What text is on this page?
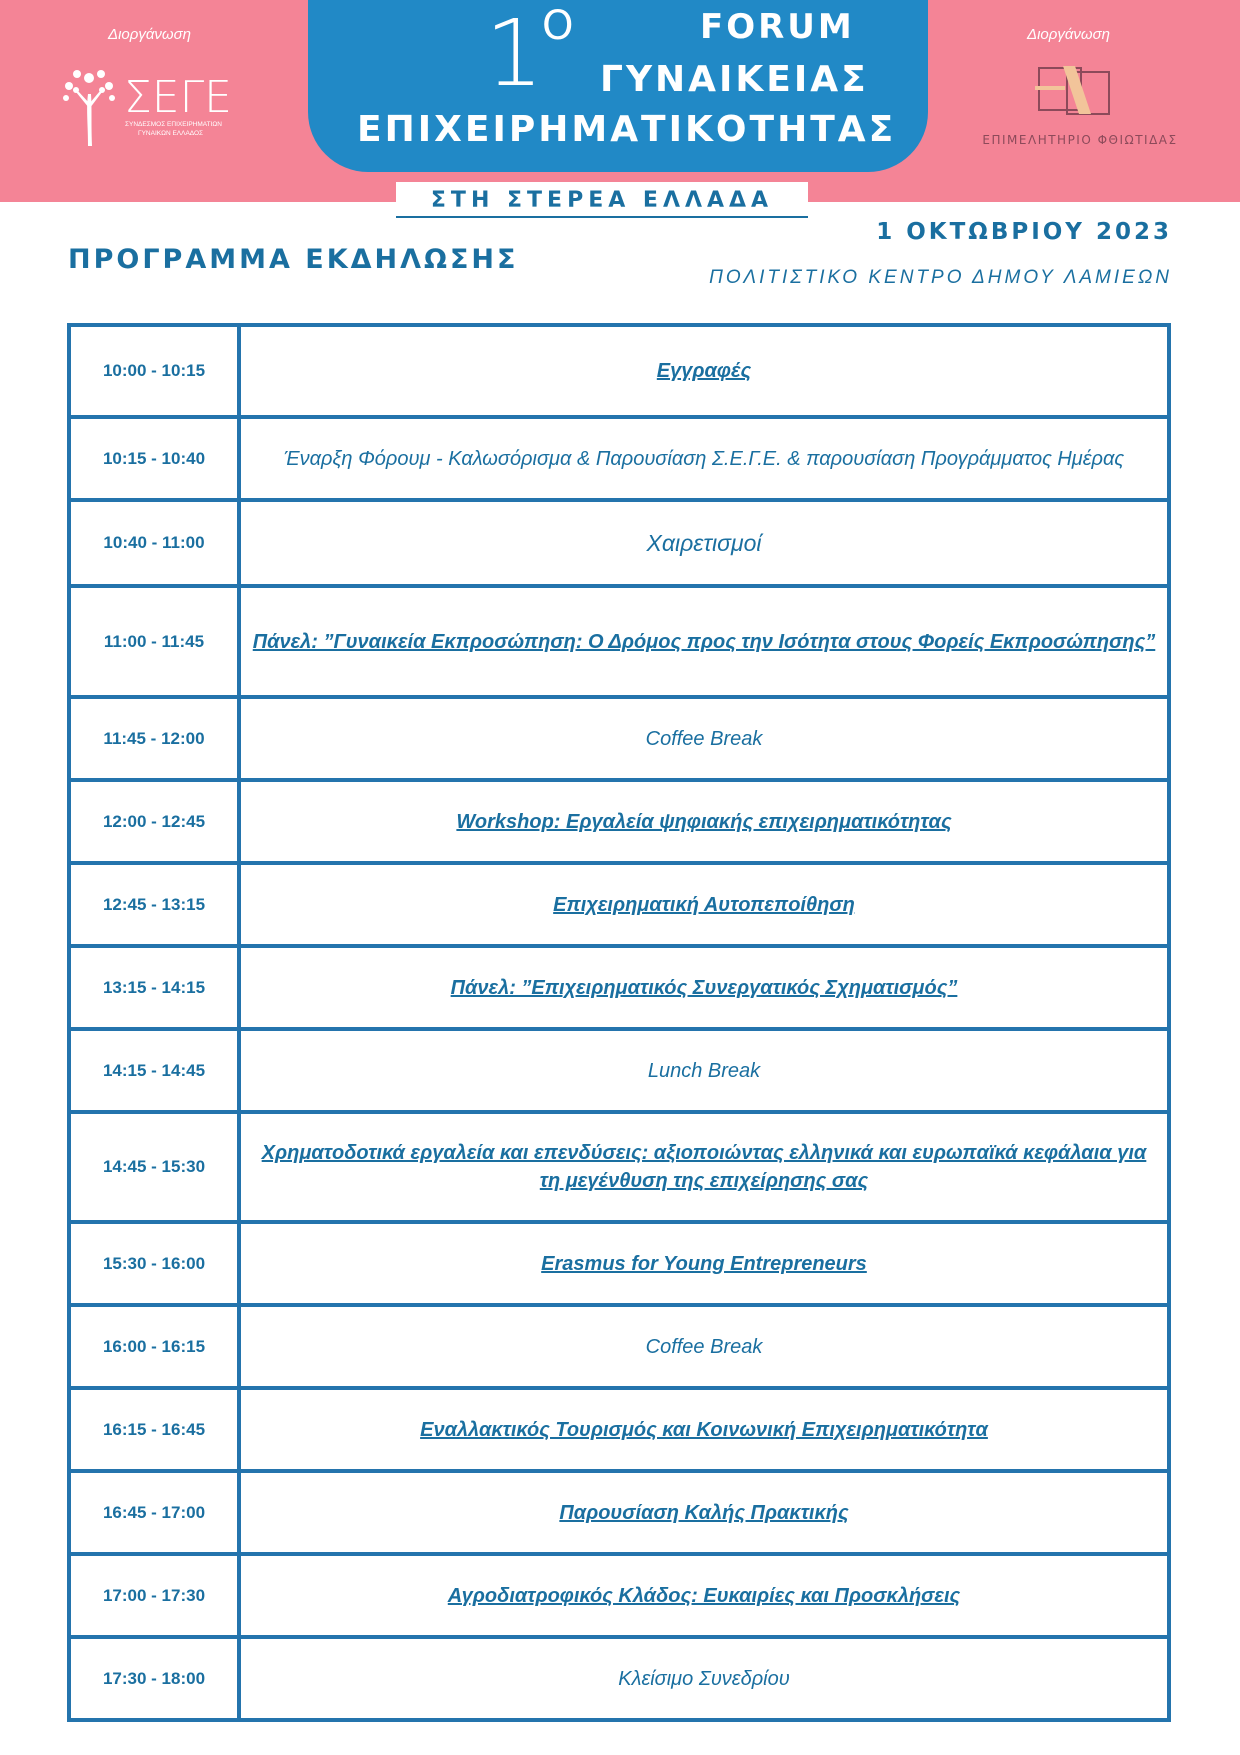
Διοργάνωση	Διοργάνωση
ΣΕΓΕ
ΣΥΝΔΕΣΜΟΣ ΕΠΙΧΕΙΡΗΜΑΤΙΩΝ
ΓΥΝΑΙΚΩΝ ΕΛΛΑΔΟΣ	ΕΠΙΜΕΛΗΤΗΡΙΟ ΦΘΙΩΤΙΔΑΣ
1
Ο	FORUM
ΓΥΝΑΙΚΕΙΑΣ
ΕΠΙΧΕΙΡΗΜΑΤΙΚΟΤΗΤΑΣ
ΣΤΗ ΣΤΕΡΕΑ ΕΛΛΑΔΑ
ΠΡΟΓΡΑΜΜΑ ΕΚΔΗΛΩΣΗΣ
1 ΟΚΤΩΒΡΙΟΥ 2023
ΠΟΛΙΤΙΣΤΙΚΟ ΚΕΝΤΡΟ ΔΗΜΟΥ ΛΑΜΙΕΩΝ
10:00 - 10:15	Εγγραφές
10:15 - 10:40	Έναρξη Φόρουμ - Καλωσόρισμα & Παρουσίαση Σ.Ε.Γ.Ε. & παρουσίαση Προγράμματος Ημέρας
10:40 - 11:00	Χαιρετισμοί
11:00 - 11:45	Πάνελ: ”Γυναικεία Εκπροσώπηση: Ο Δρόμος προς την Ισότητα στους Φορείς Εκπροσώπησης”
11:45 - 12:00	Coffee Break
12:00 - 12:45	Workshop: Εργαλεία ψηφιακής επιχειρηματικότητας
12:45 - 13:15	Επιχειρηματική Αυτοπεποίθηση
13:15 - 14:15	Πάνελ: ”Επιχειρηματικός Συνεργατικός Σχηματισμός”
14:15 - 14:45	Lunch Break
14:45 - 15:30	Χρηματοδοτικά εργαλεία και επενδύσεις: αξιοποιώντας ελληνικά και ευρωπαϊκά κεφάλαια για τη μεγένθυση της επιχείρησης σας
15:30 - 16:00	Erasmus for Young Entrepreneurs
16:00 - 16:15	Coffee Break
16:15 - 16:45	Εναλλακτικός Τουρισμός και Κοινωνική Επιχειρηματικότητα
16:45 - 17:00	Παρουσίαση Καλής Πρακτικής
17:00 - 17:30	Αγροδιατροφικός Κλάδος: Ευκαιρίες και Προσκλήσεις
17:30 - 18:00	Κλείσιμο Συνεδρίου
